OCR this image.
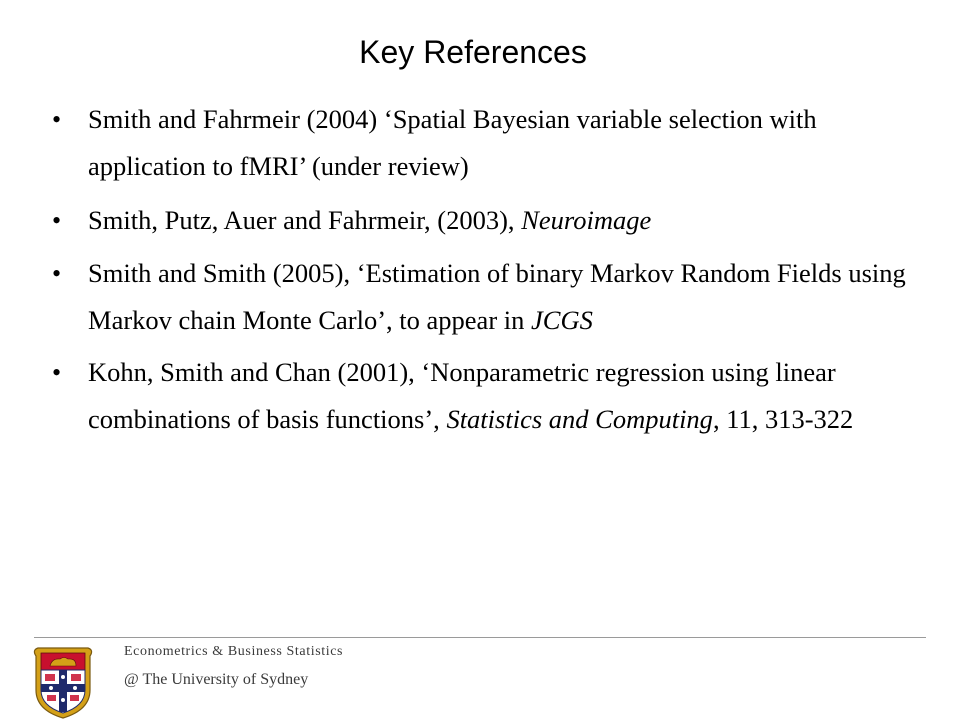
Key References
• Smith and Fahrmeir (2004) ‘Spatial Bayesian variable selection with application to fMRI’ (under review)
• Smith, Putz, Auer and Fahrmeir, (2003), Neuroimage
• Smith and Smith (2005), ‘Estimation of binary Markov Random Fields using Markov chain Monte Carlo’, to appear in JCGS
• Kohn, Smith and Chan (2001), ‘Nonparametric regression using linear combinations of basis functions’, Statistics and Computing, 11, 313-322
Econometrics & Business Statistics
@ The University of Sydney
